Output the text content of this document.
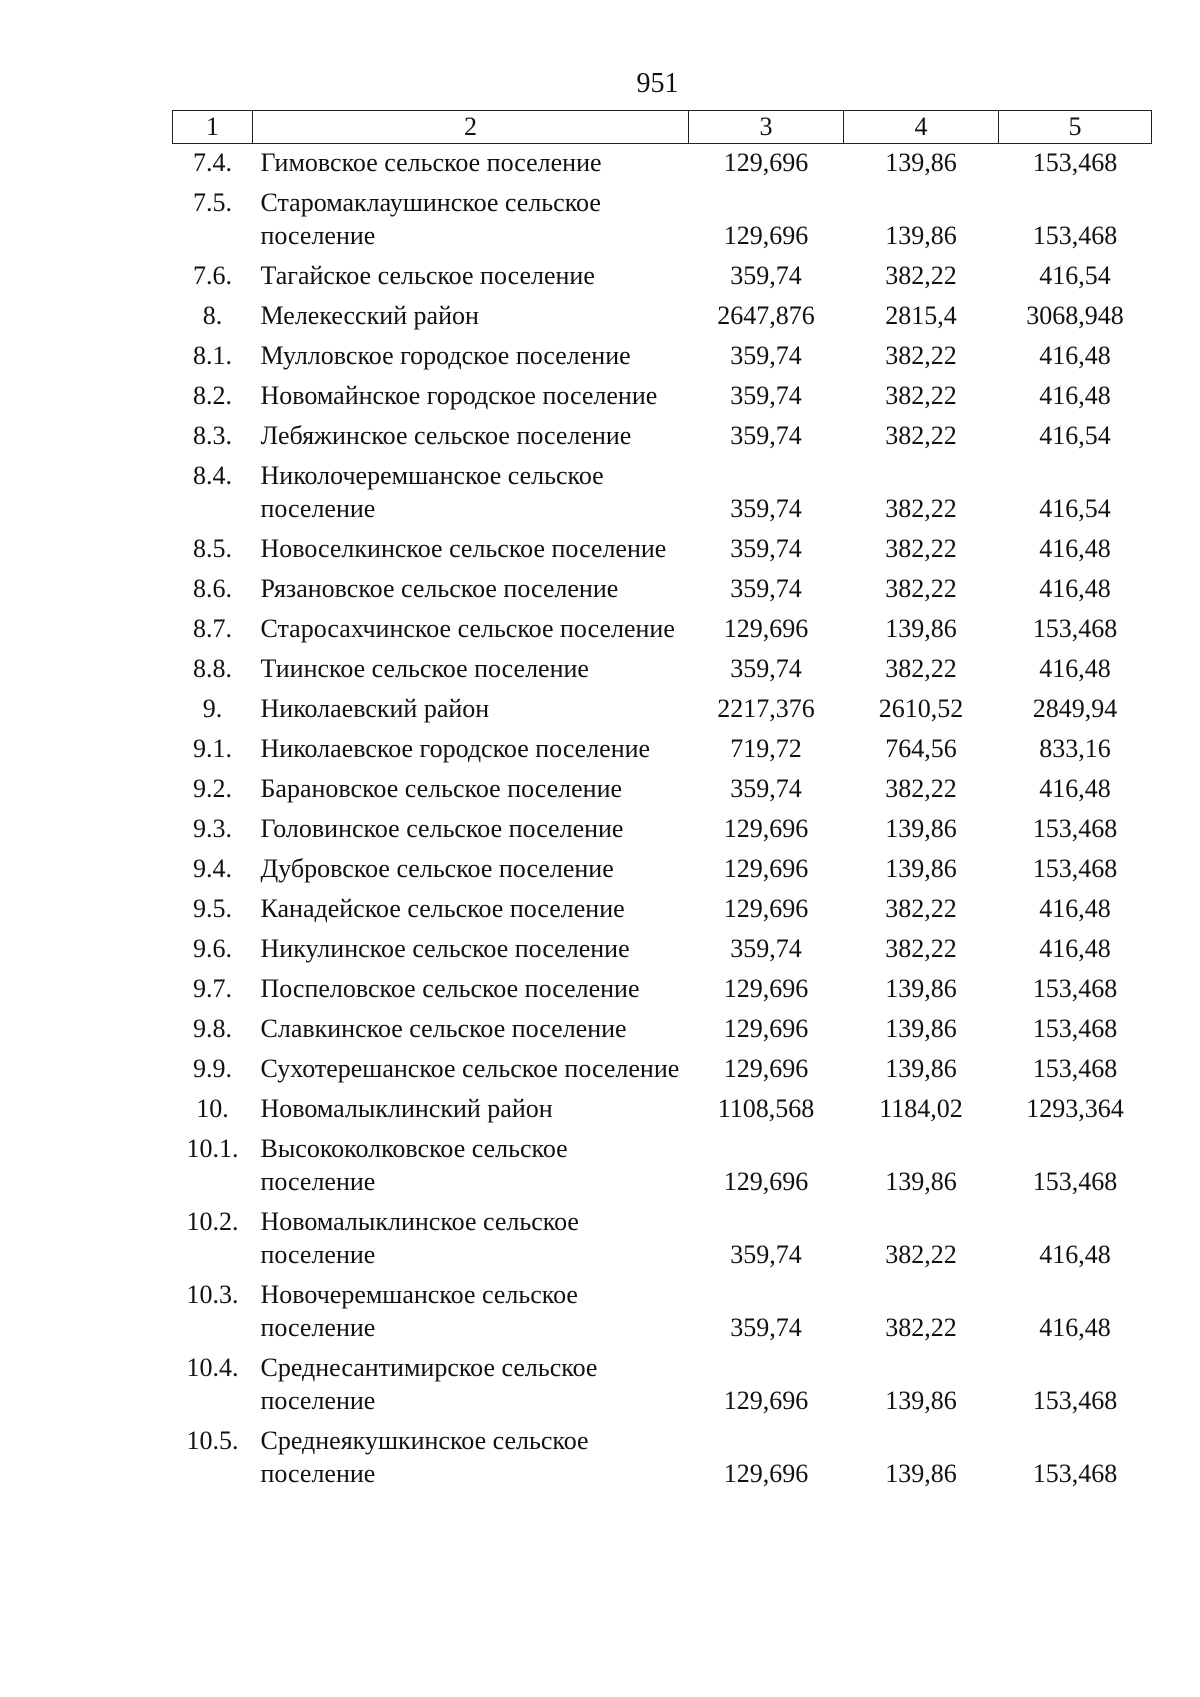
951
1	2	3	4	5
7.4.	Гимовское сельское поселение	129,696	139,86	153,468
7.5.	Старомаклаушинское сельское поселение	129,696	139,86	153,468
7.6.	Тагайское сельское поселение	359,74	382,22	416,54
8.	Мелекесский район	2647,876	2815,4	3068,948
8.1.	Мулловское городское поселение	359,74	382,22	416,48
8.2.	Новомайнское городское поселение	359,74	382,22	416,48
8.3.	Лебяжинское сельское поселение	359,74	382,22	416,54
8.4.	Николочеремшанское сельское поселение	359,74	382,22	416,54
8.5.	Новоселкинское сельское поселение	359,74	382,22	416,48
8.6.	Рязановское сельское поселение	359,74	382,22	416,48
8.7.	Старосахчинское сельское поселение	129,696	139,86	153,468
8.8.	Тиинское сельское поселение	359,74	382,22	416,48
9.	Николаевский район	2217,376	2610,52	2849,94
9.1.	Николаевское городское поселение	719,72	764,56	833,16
9.2.	Барановское сельское поселение	359,74	382,22	416,48
9.3.	Головинское сельское поселение	129,696	139,86	153,468
9.4.	Дубровское сельское поселение	129,696	139,86	153,468
9.5.	Канадейское сельское поселение	129,696	382,22	416,48
9.6.	Никулинское сельское поселение	359,74	382,22	416,48
9.7.	Поспеловское сельское поселение	129,696	139,86	153,468
9.8.	Славкинское сельское поселение	129,696	139,86	153,468
9.9.	Сухотерешанское сельское поселение	129,696	139,86	153,468
10.	Новомалыклинский район	1108,568	1184,02	1293,364
10.1.	Высококолковское сельское поселение	129,696	139,86	153,468
10.2.	Новомалыклинское сельское поселение	359,74	382,22	416,48
10.3.	Новочеремшанское сельское поселение	359,74	382,22	416,48
10.4.	Среднесантимирское сельское поселение	129,696	139,86	153,468
10.5.	Среднеякушкинское сельское поселение	129,696	139,86	153,468
